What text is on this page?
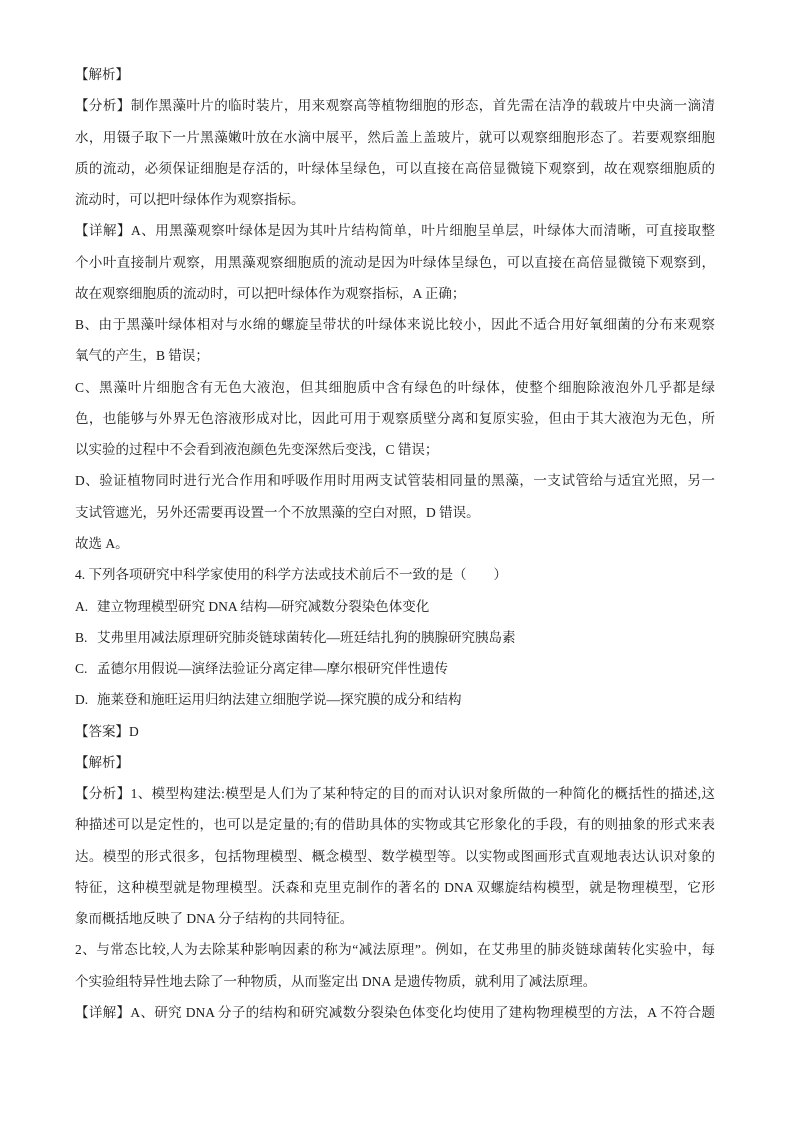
【解析】
【分析】制作黑藻叶片的临时装片，用来观察高等植物细胞的形态，首先需在洁净的载玻片中央滴一滴清
水，用镊子取下一片黑藻嫩叶放在水滴中展平，然后盖上盖玻片，就可以观察细胞形态了。若要观察细胞
质的流动，必须保证细胞是存活的，叶绿体呈绿色，可以直接在高倍显微镜下观察到，故在观察细胞质的
流动时，可以把叶绿体作为观察指标。
【详解】A、用黑藻观察叶绿体是因为其叶片结构简单，叶片细胞呈单层，叶绿体大而清晰，可直接取整
个小叶直接制片观察，用黑藻观察细胞质的流动是因为叶绿体呈绿色，可以直接在高倍显微镜下观察到，
故在观察细胞质的流动时，可以把叶绿体作为观察指标，A 正确；
B、由于黑藻叶绿体相对与水绵的螺旋呈带状的叶绿体来说比较小，因此不适合用好氧细菌的分布来观察
氧气的产生，B 错误；
C、黑藻叶片细胞含有无色大液泡，但其细胞质中含有绿色的叶绿体，使整个细胞除液泡外几乎都是绿
色，也能够与外界无色溶液形成对比，因此可用于观察质壁分离和复原实验，但由于其大液泡为无色，所
以实验的过程中不会看到液泡颜色先变深然后变浅，C 错误；
D、验证植物同时进行光合作用和呼吸作用时用两支试管装相同量的黑藻，一支试管给与适宜光照，另一
支试管遮光，另外还需要再设置一个不放黑藻的空白对照，D 错误。
故选 A。
4. 下列各项研究中科学家使用的科学方法或技术前后不一致的是（　　）
A. 建立物理模型研究 DNA 结构—研究减数分裂染色体变化
B. 艾弗里用减法原理研究肺炎链球菌转化—班廷结扎狗的胰腺研究胰岛素
C. 孟德尔用假说—演绎法验证分离定律—摩尔根研究伴性遗传
D. 施莱登和施旺运用归纳法建立细胞学说—探究膜的成分和结构
【答案】D
【解析】
【分析】1、模型构建法:模型是人们为了某种特定的目的而对认识对象所做的一种简化的概括性的描述,这
种描述可以是定性的，也可以是定量的;有的借助具体的实物或其它形象化的手段，有的则抽象的形式来表
达。模型的形式很多，包括物理模型、概念模型、数学模型等。以实物或图画形式直观地表达认识对象的
特征，这种模型就是物理模型。沃森和克里克制作的著名的 DNA 双螺旋结构模型，就是物理模型，它形
象而概括地反映了 DNA 分子结构的共同特征。
2、与常态比较,人为去除某种影响因素的称为“减法原理”。例如，在艾弗里的肺炎链球菌转化实验中，每
个实验组特异性地去除了一种物质，从而鉴定出 DNA 是遗传物质，就利用了减法原理。
【详解】A、研究 DNA 分子的结构和研究减数分裂染色体变化均使用了建构物理模型的方法，A 不符合题
